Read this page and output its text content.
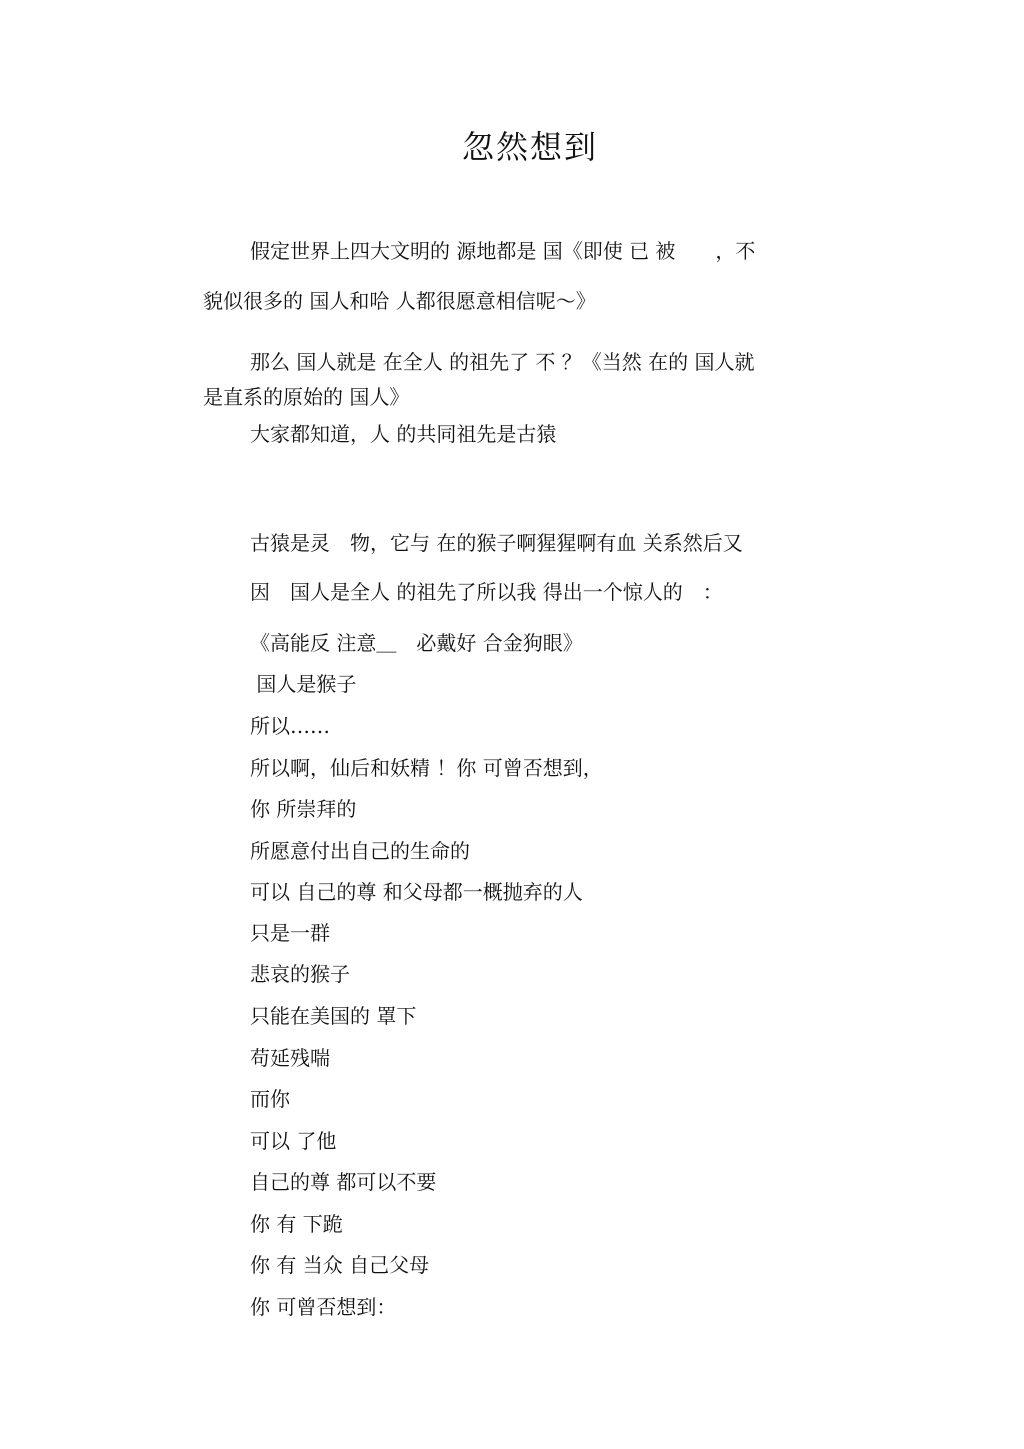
忽然想到
假定世界上四大文明的 源地都是 国《即使 已 被　　，不
貌似很多的 国人和哈 人都很愿意相信呢～》
那么 国人就是 在全人 的祖先了 不 ？《当然 在的 国人就
是直系的原始的 国人》
大家都知道，人 的共同祖先是古猿
古猿是灵　物，它与 在的猴子啊猩猩啊有血 关系然后又
因　国人是全人 的祖先了所以我 得出一个惊人的　：
《高能反 注意＿　必戴好 合金狗眼》
国人是猴子
所以……
所以啊，仙后和妖精 ！你 可曾否想到，
你 所崇拜的
所愿意付出自己的生命的
可以 自己的尊 和父母都一概抛弃的人
只是一群
悲哀的猴子
只能在美国的 罩下
苟延残喘
而你
可以 了他
自己的尊 都可以不要
你 有 下跪
你 有 当众 自己父母
你 可曾否想到：
